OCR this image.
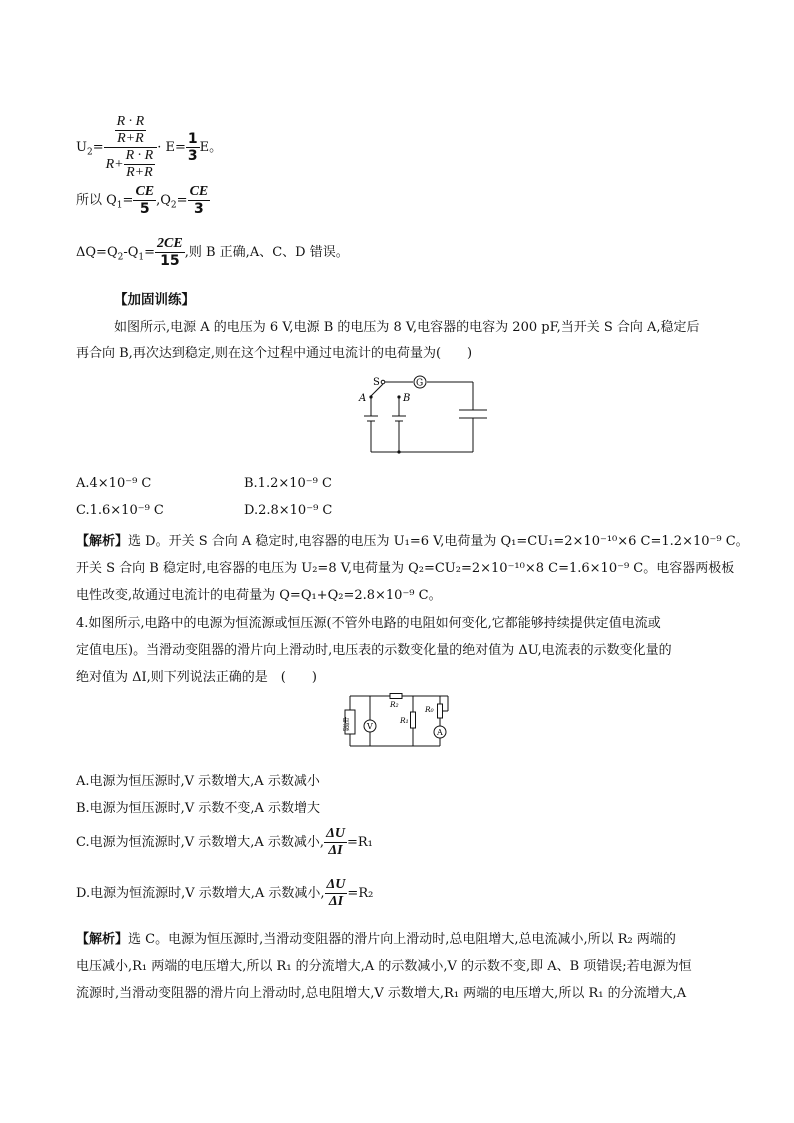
$U_2= \frac{\frac{R \cdot R}{R+R}}{R+ \frac{R \cdot R}{R+R}} \cdot E= \frac{1}{3}$ E。
所以 $Q_1= \frac{CE}{5} ,Q_2= \frac{CE}{3}$
$\Delta Q=Q_2-Q_1= \frac{2CE}{15}$ ,则 B 正确,A、C、D 错误。
【加固训练】
如图所示,电源 A 的电压为 6 V,电源 B 的电压为 8 V,电容器的电容为 200 pF,当开关 S 合向 A,稳定后
再合向 B,再次达到稳定,则在这个过程中通过电流计的电荷量为(　　)
G
S
A	B
A.4×10⁻⁹ C	B.1.2×10⁻⁹ C
C.1.6×10⁻⁹ C	D.2.8×10⁻⁹ C
【解析】选 D。开关 S 合向 A 稳定时,电容器的电压为 U₁=6 V,电荷量为 Q₁=CU₁=2×10⁻¹⁰×6 C=1.2×10⁻⁹ C。
开关 S 合向 B 稳定时,电容器的电压为 U₂=8 V,电荷量为 Q₂=CU₂=2×10⁻¹⁰×8 C=1.6×10⁻⁹ C。电容器两极板
电性改变,故通过电流计的电荷量为 Q=Q₁+Q₂=2.8×10⁻⁹ C。
4.如图所示,电路中的电源为恒流源或恒压源(不管外电路的电阻如何变化,它都能够持续提供定值电流或
定值电压)。当滑动变阻器的滑片向上滑动时,电压表的示数变化量的绝对值为 ΔU,电流表的示数变化量的
绝对值为 ΔI,则下列说法正确的是　(　　)
V
A
R₂
R₁
R₀
电源
A.电源为恒压源时,V 示数增大,A 示数减小
B.电源为恒压源时,V 示数不变,A 示数增大
C.电源为恒流源时,V 示数增大,A 示数减小, $\frac{\Delta U}{\Delta I} =R_1$
D.电源为恒流源时,V 示数增大,A 示数减小, $\frac{\Delta U}{\Delta I} =R_2$
【解析】选 C。电源为恒压源时,当滑动变阻器的滑片向上滑动时,总电阻增大,总电流减小,所以 R₂ 两端的
电压减小,R₁ 两端的电压增大,所以 R₁ 的分流增大,A 的示数减小,V 的示数不变,即 A、B 项错误;若电源为恒
流源时,当滑动变阻器的滑片向上滑动时,总电阻增大,V 示数增大,R₁ 两端的电压增大,所以 R₁ 的分流增大,A
